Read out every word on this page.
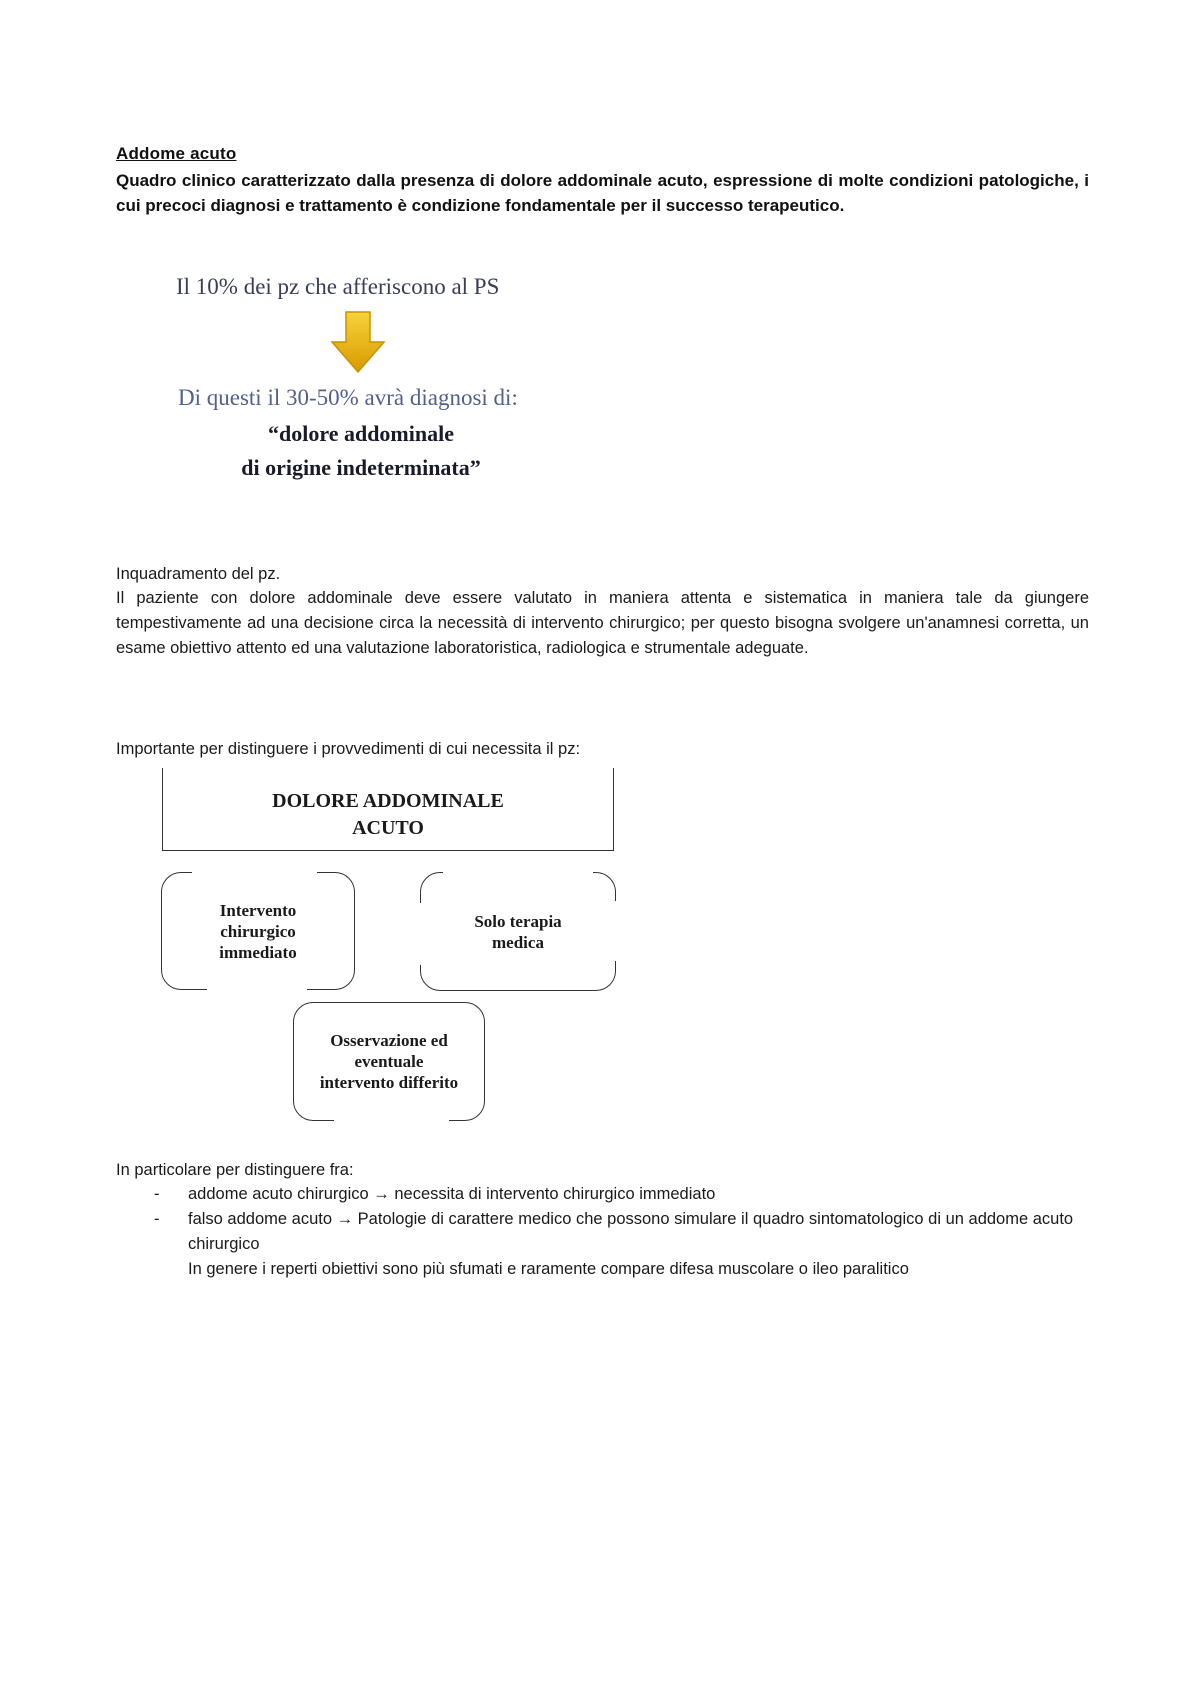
Addome acuto
Quadro clinico caratterizzato dalla presenza di dolore addominale acuto, espressione di molte condizioni patologiche, i cui precoci diagnosi e trattamento è condizione fondamentale per il successo terapeutico.
Il 10% dei pz che afferiscono al PS
Di questi il 30-50% avrà diagnosi di:
“dolore addominale
di origine indeterminata”
Inquadramento del pz.
Il paziente con dolore addominale deve essere valutato in maniera attenta e sistematica in maniera tale da giungere tempestivamente ad una decisione circa la necessità di intervento chirurgico; per questo bisogna svolgere un'anamnesi corretta, un esame obiettivo attento ed una valutazione laboratoristica, radiologica e strumentale adeguate.
Importante per distinguere i provvedimenti di cui necessita il pz:
DOLORE ADDOMINALE
ACUTO
Intervento
chirurgico
immediato
Solo terapia
medica
Osservazione ed
eventuale
intervento differito
In particolare per distinguere fra:
- addome acuto chirurgico → necessita di intervento chirurgico immediato
- falso addome acuto → Patologie di carattere medico che possono simulare il quadro sintomatologico di un addome acuto chirurgico
In genere i reperti obiettivi sono più sfumati e raramente compare difesa muscolare o ileo paralitico
